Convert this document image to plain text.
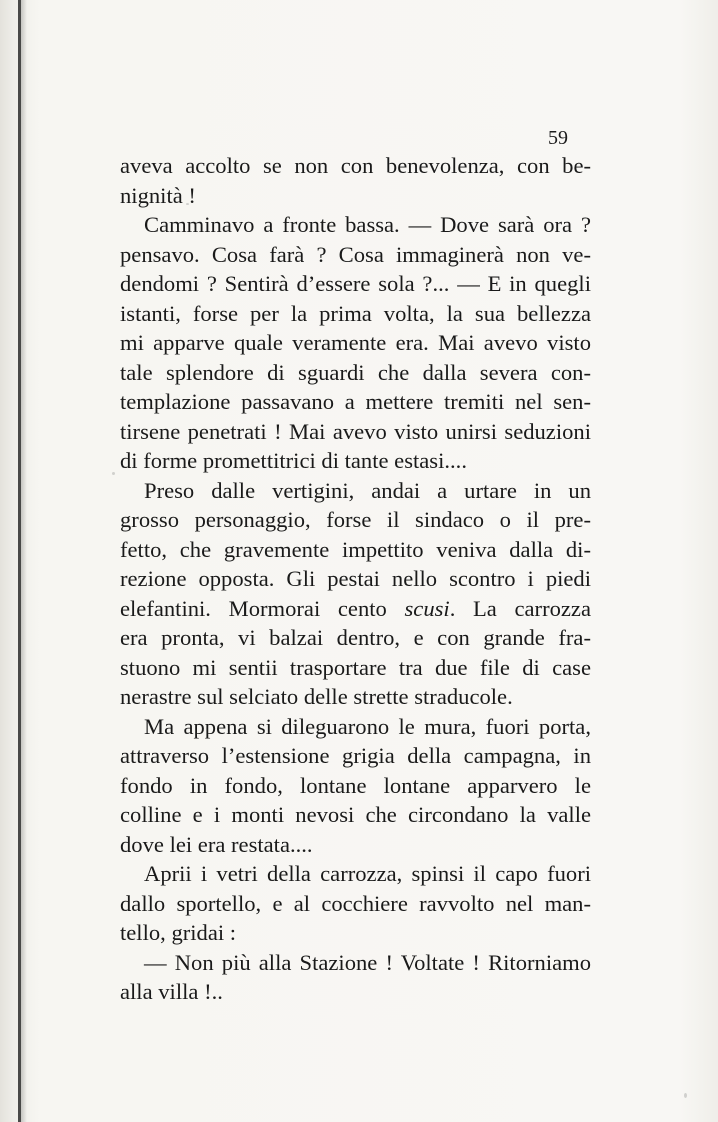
59
aveva accolto se non con benevolenza, con be-
nignità !
Camminavo a fronte bassa. — Dove sarà ora ?
pensavo. Cosa farà ? Cosa immaginerà non ve-
dendomi ? Sentirà d’essere sola ?... — E in quegli
istanti, forse per la prima volta, la sua bellezza
mi apparve quale veramente era. Mai avevo visto
tale splendore di sguardi che dalla severa con-
templazione passavano a mettere tremiti nel sen-
tirsene penetrati ! Mai avevo visto unirsi seduzioni
di forme promettitrici di tante estasi....
Preso dalle vertigini, andai a urtare in un
grosso personaggio, forse il sindaco o il pre-
fetto, che gravemente impettito veniva dalla di-
rezione opposta. Gli pestai nello scontro i piedi
elefantini. Mormorai cento scusi. La carrozza
era pronta, vi balzai dentro, e con grande fra-
stuono mi sentii trasportare tra due file di case
nerastre sul selciato delle strette straducole.
Ma appena si dileguarono le mura, fuori porta,
attraverso l’estensione grigia della campagna, in
fondo in fondo, lontane lontane apparvero le
colline e i monti nevosi che circondano la valle
dove lei era restata....
Aprii i vetri della carrozza, spinsi il capo fuori
dallo sportello, e al cocchiere ravvolto nel man-
tello, gridai :
— Non più alla Stazione ! Voltate ! Ritorniamo
alla villa !..
